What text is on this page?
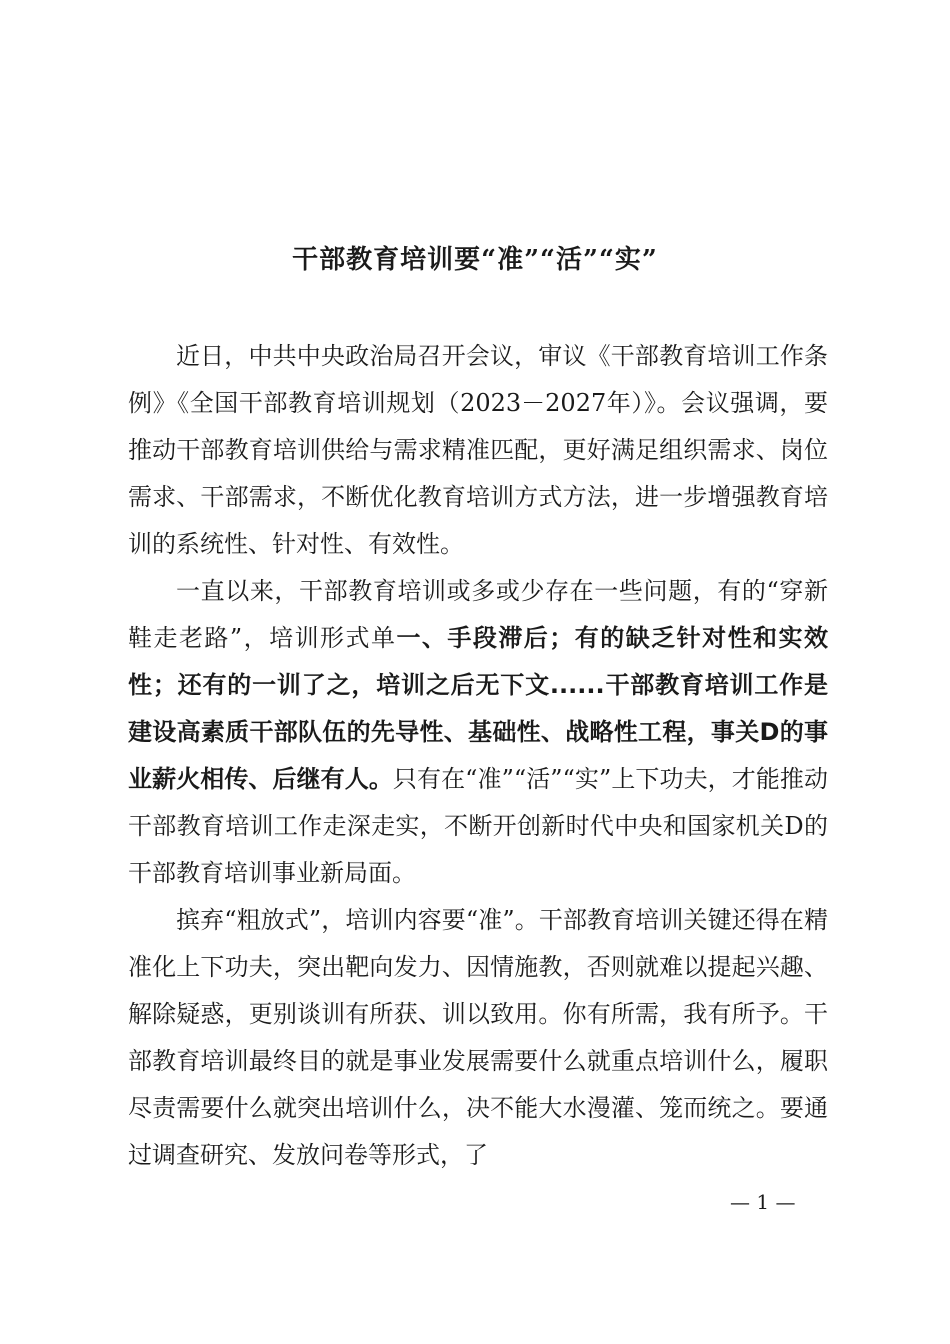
干部教育培训要“准”“活”“实”

近日，中共中央政治局召开会议，审议《干部教育培训工作条例》《全国干部教育培训规划（2023－2027年）》。会议强调，要推动干部教育培训供给与需求精准匹配，更好满足组织需求、岗位需求、干部需求，不断优化教育培训方式方法，进一步增强教育培训的系统性、针对性、有效性。

一直以来，干部教育培训或多或少存在一些问题，有的“穿新鞋走老路”，培训形式单一、手段滞后；有的缺乏针对性和实效性；还有的一训了之，培训之后无下文......干部教育培训工作是建设高素质干部队伍的先导性、基础性、战略性工程，事关D的事业薪火相传、后继有人。只有在“准”“活”“实”上下功夫，才能推动干部教育培训工作走深走实，不断开创新时代中央和国家机关D的干部教育培训事业新局面。

摈弃“粗放式”，培训内容要“准”。干部教育培训关键还得在精准化上下功夫，突出靶向发力、因情施教，否则就难以提起兴趣、解除疑惑，更别谈训有所获、训以致用。你有所需，我有所予。干部教育培训最终目的就是事业发展需要什么就重点培训什么，履职尽责需要什么就突出培训什么，决不能大水漫灌、笼而统之。要通过调查研究、发放问卷等形式，了

— 1 —
